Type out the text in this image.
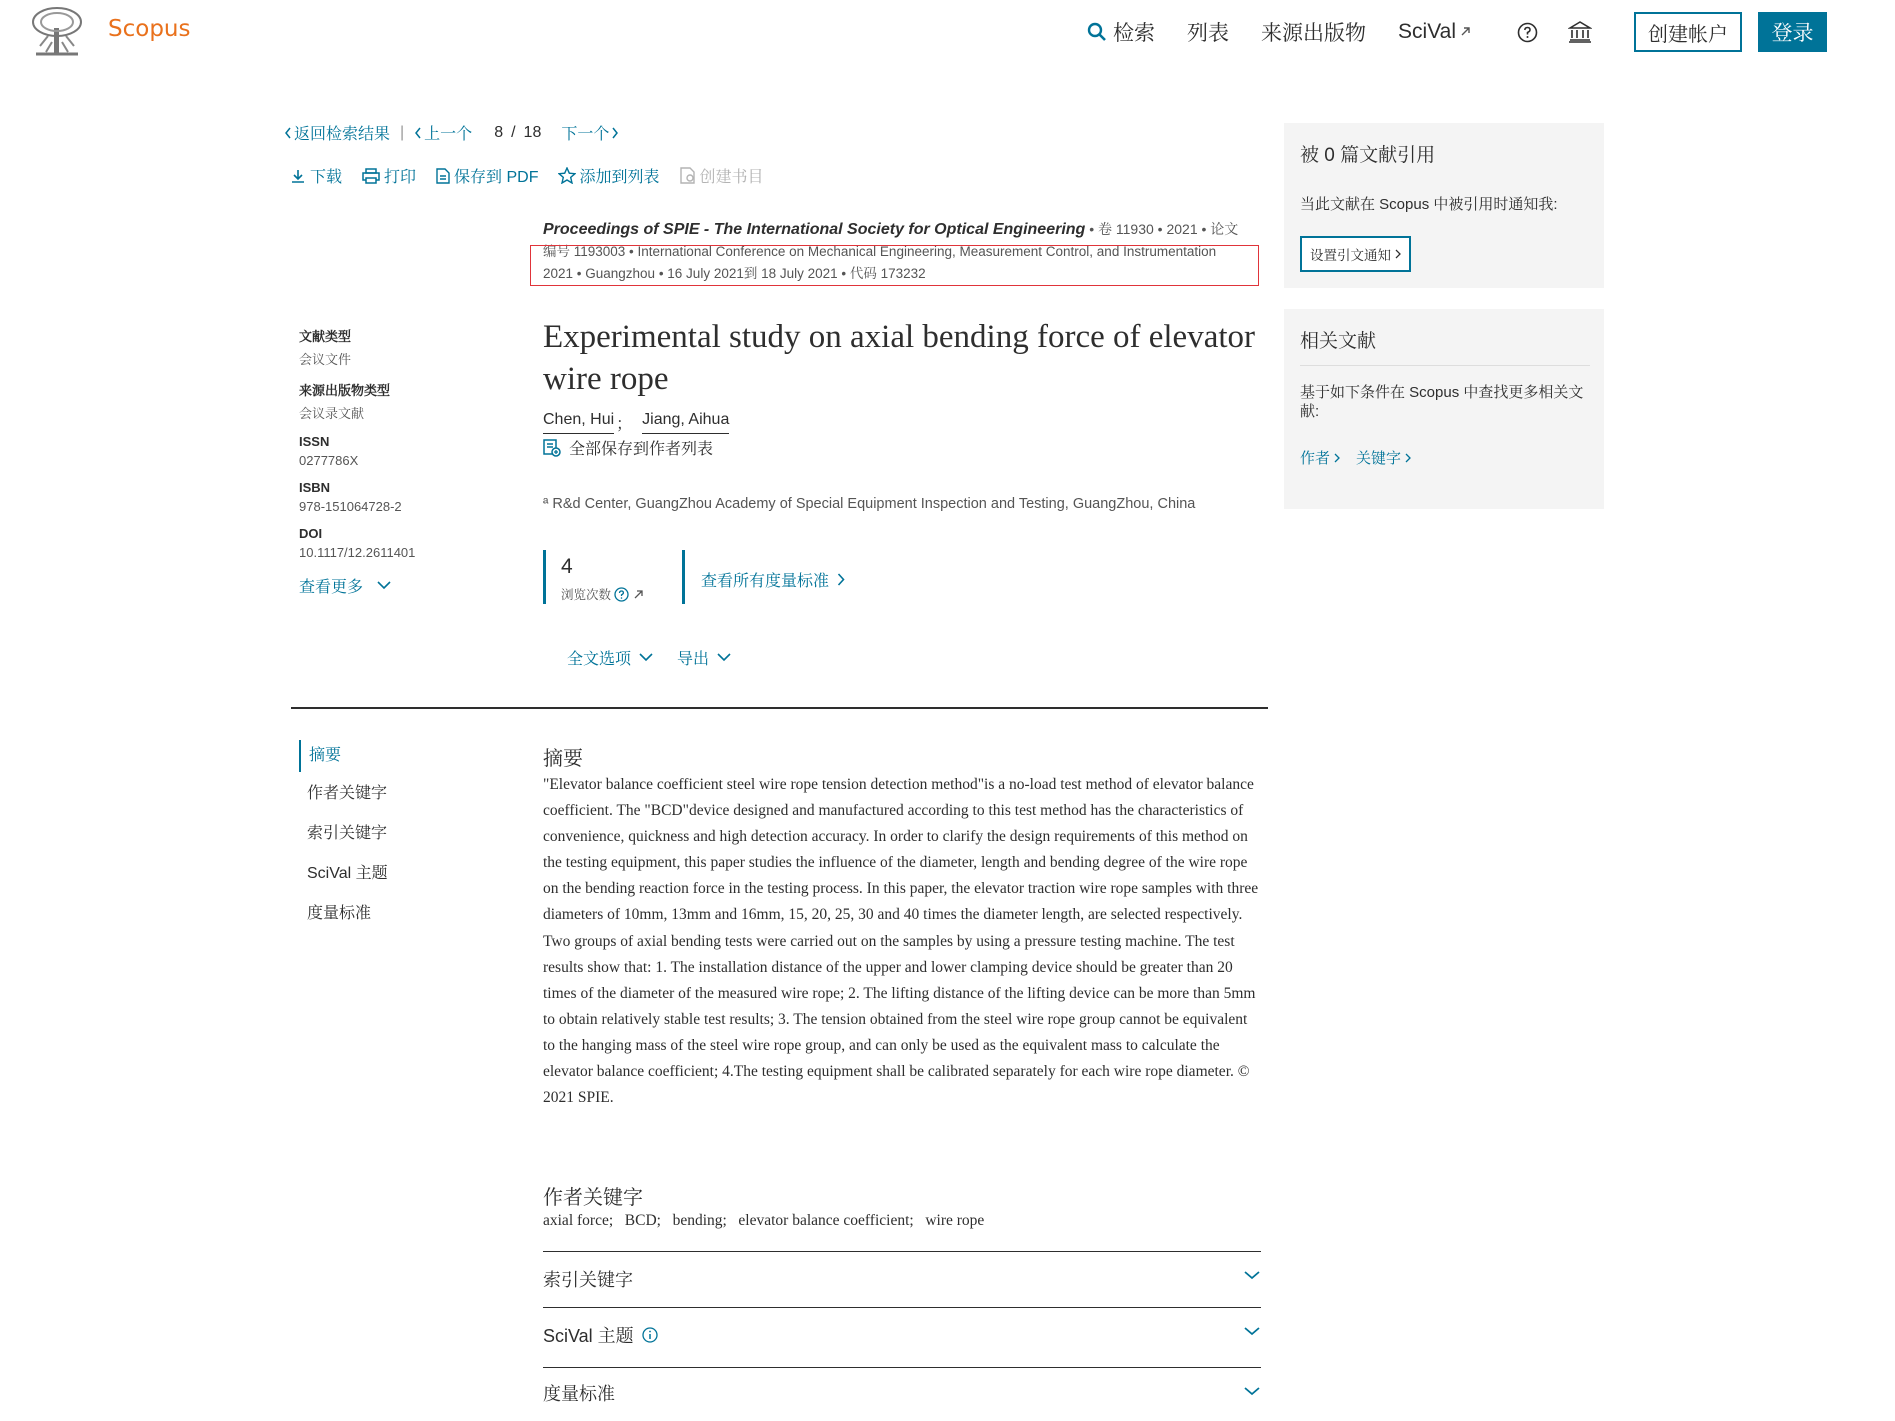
Scopus	检索 列表 来源出版物 SciVal	创建帐户	登录
返回检索结果 | 上一个 8 / 18 下一个
下载	打印 保存到 PDF	添加到列表	创建书目
Proceedings of SPIE - The International Society for Optical Engineering • 卷 11930 • 2021 • 论文
编号 1193003 • International Conference on Mechanical Engineering, Measurement Control, and Instrumentation
2021 • Guangzhou • 16 July 2021到 18 July 2021 • 代码 173232
文献类型
会议文件
来源出版物类型
会议录文献
ISSN
0277786X
ISBN
978-151064728-2
DOI
10.1117/12.2611401
查看更多
Experimental study on axial bending force of elevator wire rope
Chen, Hui ； Jiang, Aihua
全部保存到作者列表
ª R&d Center, GuangZhou Academy of Special Equipment Inspection and Testing, GuangZhou, China
4
浏览次数
查看所有度量标准
全文选项	导出
摘要
作者关键字
索引关键字
SciVal 主题
度量标准
摘要
"Elevator balance coefficient steel wire rope tension detection method"is a no-load test method of elevator balance coefficient. The "BCD"device designed and manufactured according to this test method has the characteristics of convenience, quickness and high detection accuracy. In order to clarify the design requirements of this method on the testing equipment, this paper studies the influence of the diameter, length and bending degree of the wire rope on the bending reaction force in the testing process. In this paper, the elevator traction wire rope samples with three diameters of 10mm, 13mm and 16mm, 15, 20, 25, 30 and 40 times the diameter length, are selected respectively. Two groups of axial bending tests were carried out on the samples by using a pressure testing machine. The test results show that: 1. The installation distance of the upper and lower clamping device should be greater than 20 times of the diameter of the measured wire rope; 2. The lifting distance of the lifting device can be more than 5mm to obtain relatively stable test results; 3. The tension obtained from the steel wire rope group cannot be equivalent to the hanging mass of the steel wire rope group, and can only be used as the equivalent mass to calculate the elevator balance coefficient; 4.The testing equipment shall be calibrated separately for each wire rope diameter. © 2021 SPIE.
作者关键字
axial force;   BCD;   bending;   elevator balance coefficient;   wire rope
索引关键字
SciVal 主题
度量标准
被 0 篇文献引用
当此文献在 Scopus 中被引用时通知我:
设置引文通知
相关文献
基于如下条件在 Scopus 中查找更多相关文献:
作者 关键字
